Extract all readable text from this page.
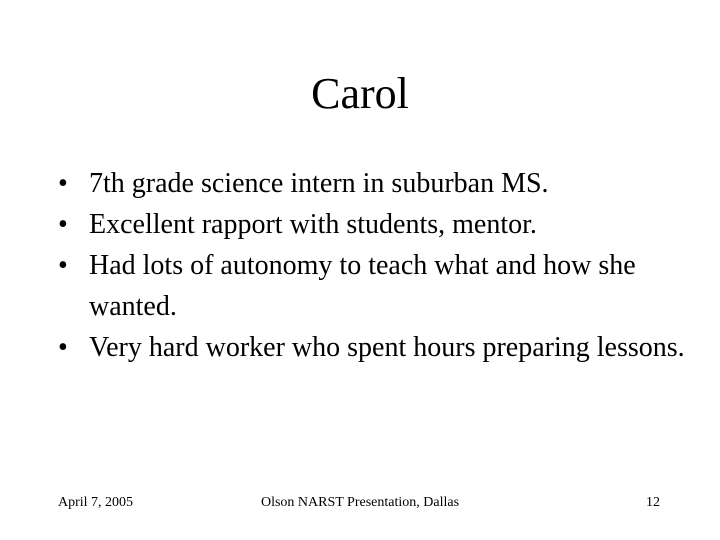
Carol
• 7th grade science intern in suburban MS.
• Excellent rapport with students, mentor.
• Had lots of autonomy to teach what and how she wanted.
• Very hard worker who spent hours preparing lessons.
April 7, 2005	Olson NARST Presentation, Dallas	12
